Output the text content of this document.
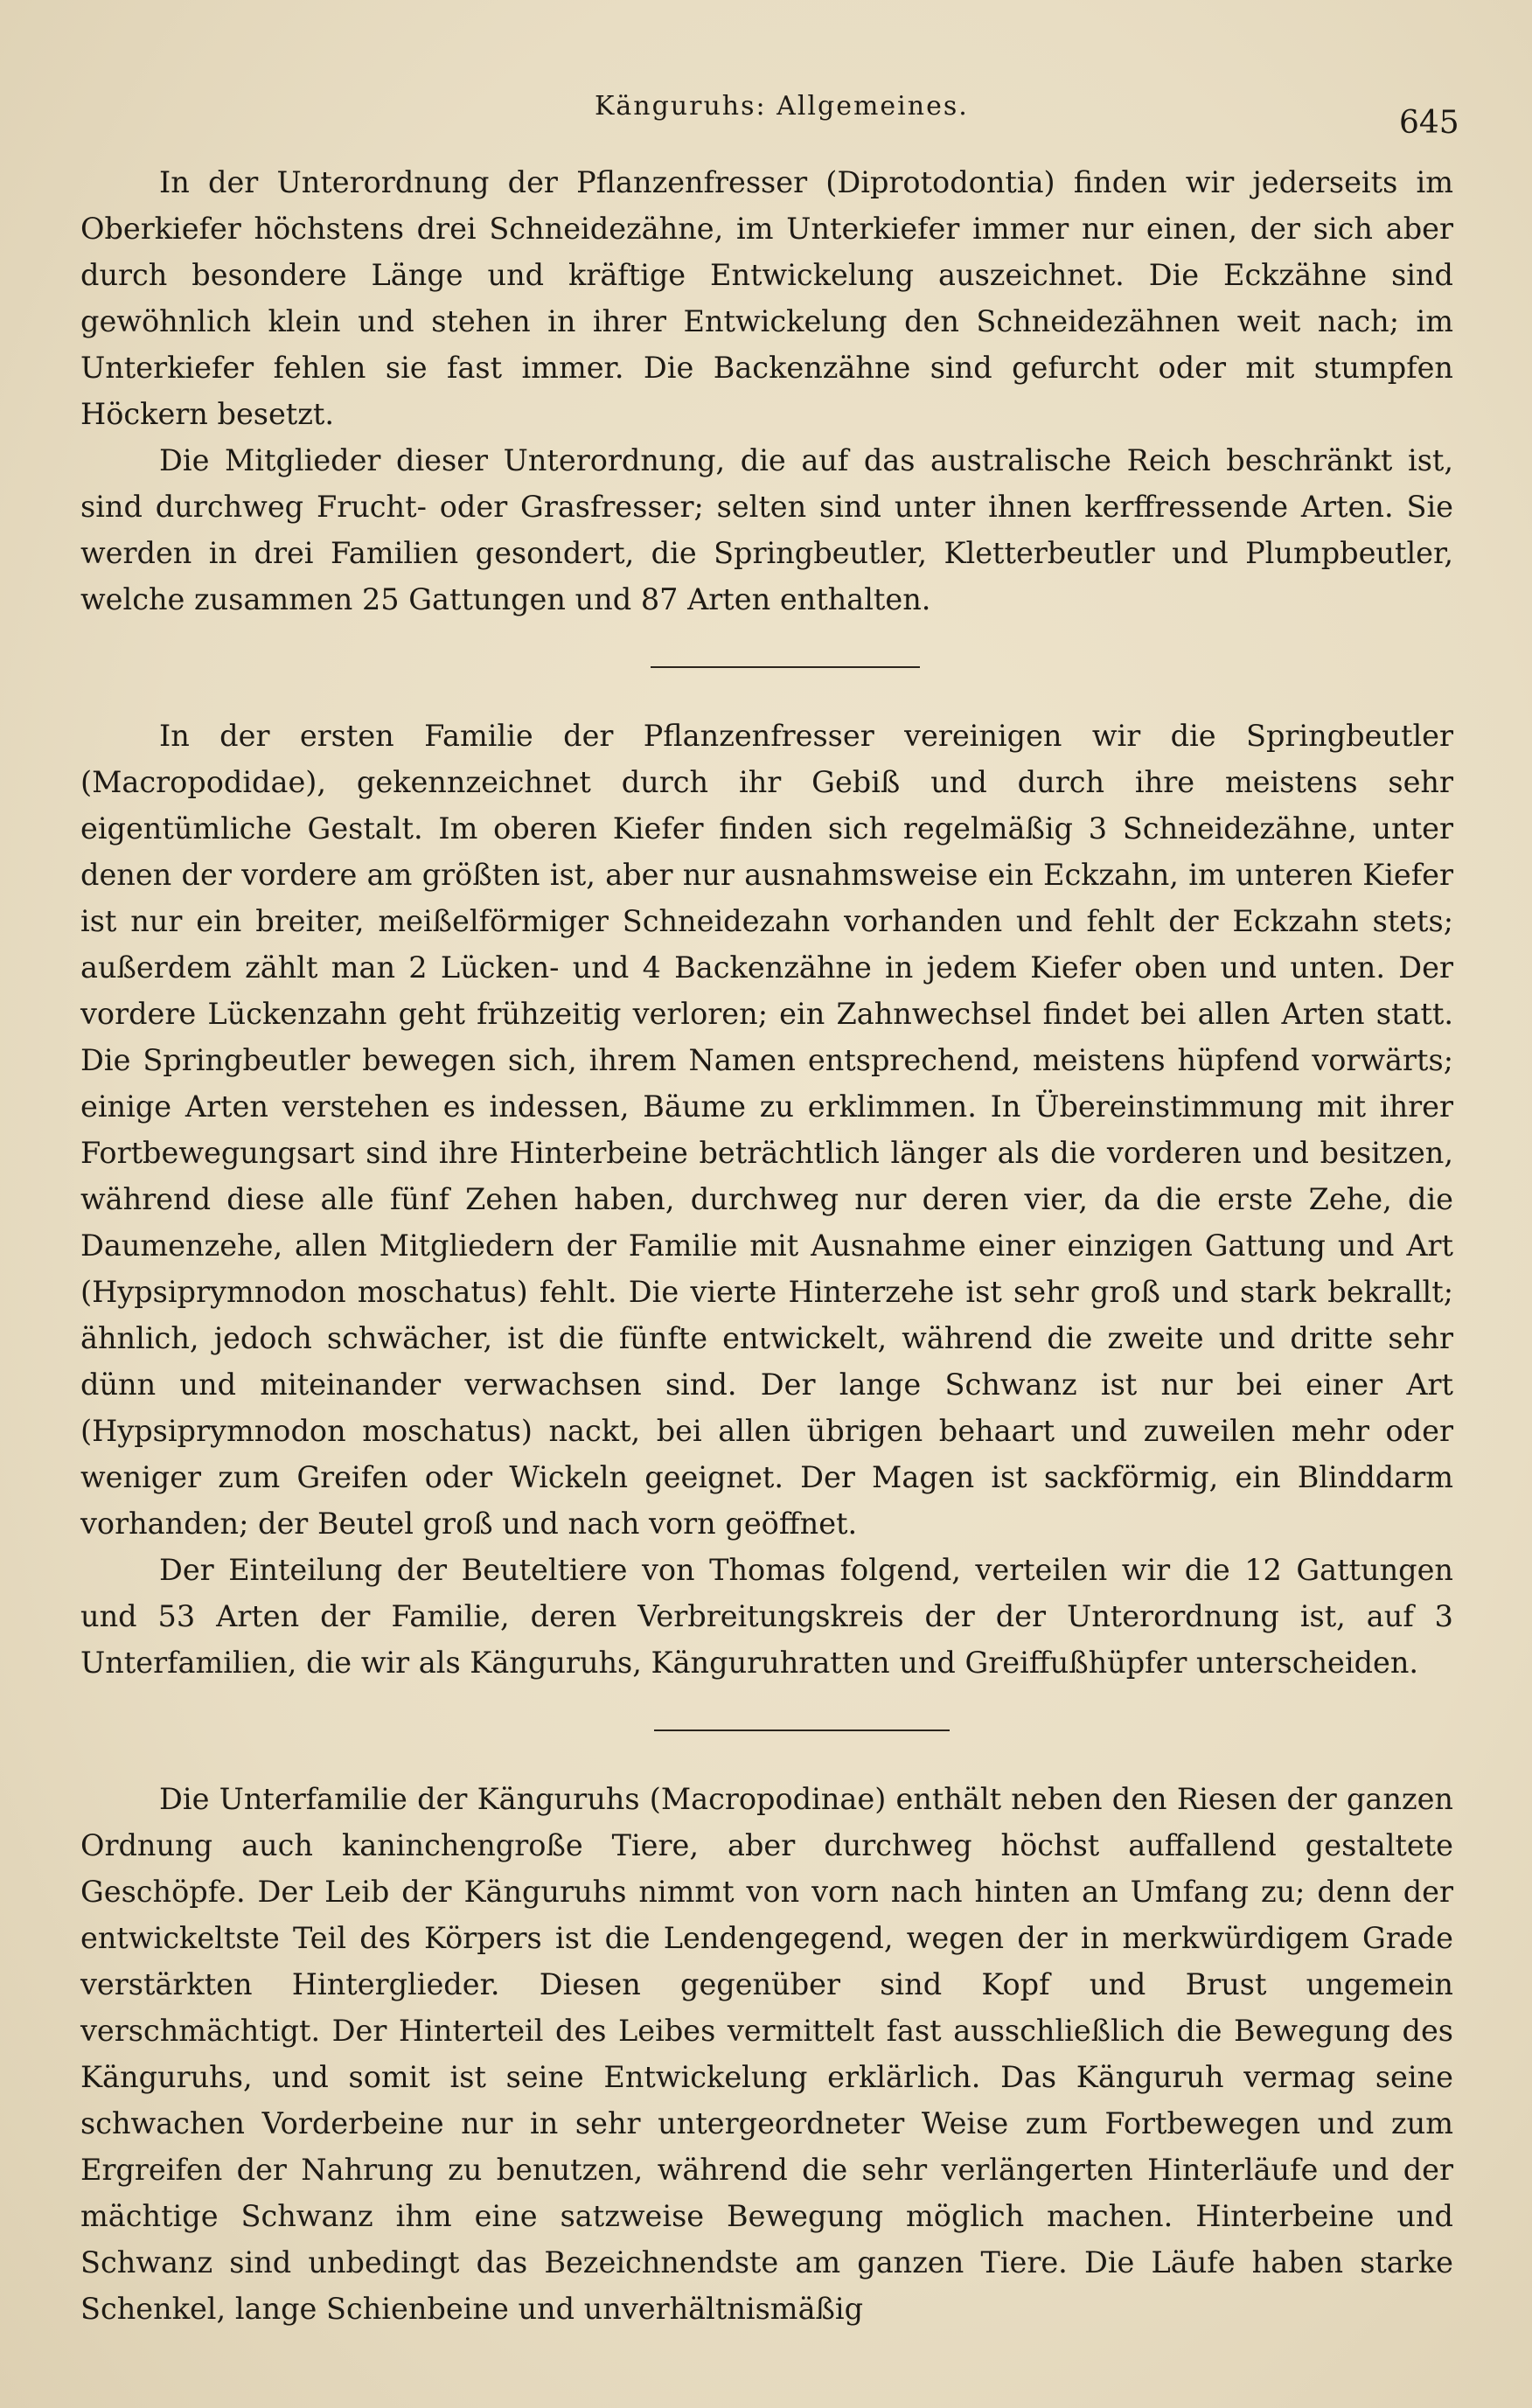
Känguruhs: Allgemeines.	645

In der Unterordnung der Pflanzenfresser (Diprotodontia) finden wir jederseits im Oberkiefer höchstens drei Schneidezähne, im Unterkiefer immer nur einen, der sich aber durch besondere Länge und kräftige Entwickelung auszeichnet. Die Eckzähne sind gewöhnlich klein und stehen in ihrer Entwickelung den Schneidezähnen weit nach; im Unterkiefer fehlen sie fast immer. Die Backenzähne sind gefurcht oder mit stumpfen Höckern besetzt.

Die Mitglieder dieser Unterordnung, die auf das australische Reich beschränkt ist, sind durchweg Frucht- oder Grasfresser; selten sind unter ihnen kerffressende Arten. Sie werden in drei Familien gesondert, die Springbeutler, Kletterbeutler und Plumpbeutler, welche zusammen 25 Gattungen und 87 Arten enthalten.

In der ersten Familie der Pflanzenfresser vereinigen wir die Springbeutler (Macropodidae), gekennzeichnet durch ihr Gebiß und durch ihre meistens sehr eigentümliche Gestalt. Im oberen Kiefer finden sich regelmäßig 3 Schneidezähne, unter denen der vordere am größten ist, aber nur ausnahmsweise ein Eckzahn, im unteren Kiefer ist nur ein breiter, meißelförmiger Schneidezahn vorhanden und fehlt der Eckzahn stets; außerdem zählt man 2 Lücken- und 4 Backenzähne in jedem Kiefer oben und unten. Der vordere Lückenzahn geht frühzeitig verloren; ein Zahnwechsel findet bei allen Arten statt. Die Springbeutler bewegen sich, ihrem Namen entsprechend, meistens hüpfend vorwärts; einige Arten verstehen es indessen, Bäume zu erklimmen. In Übereinstimmung mit ihrer Fortbewegungsart sind ihre Hinterbeine beträchtlich länger als die vorderen und besitzen, während diese alle fünf Zehen haben, durchweg nur deren vier, da die erste Zehe, die Daumenzehe, allen Mitgliedern der Familie mit Ausnahme einer einzigen Gattung und Art (Hypsiprymnodon moschatus) fehlt. Die vierte Hinterzehe ist sehr groß und stark bekrallt; ähnlich, jedoch schwächer, ist die fünfte entwickelt, während die zweite und dritte sehr dünn und miteinander verwachsen sind. Der lange Schwanz ist nur bei einer Art (Hypsiprymnodon moschatus) nackt, bei allen übrigen behaart und zuweilen mehr oder weniger zum Greifen oder Wickeln geeignet. Der Magen ist sackförmig, ein Blinddarm vorhanden; der Beutel groß und nach vorn geöffnet.

Der Einteilung der Beuteltiere von Thomas folgend, verteilen wir die 12 Gattungen und 53 Arten der Familie, deren Verbreitungskreis der der Unterordnung ist, auf 3 Unterfamilien, die wir als Känguruhs, Känguruhratten und Greiffußhüpfer unterscheiden.

Die Unterfamilie der Känguruhs (Macropodinae) enthält neben den Riesen der ganzen Ordnung auch kaninchengroße Tiere, aber durchweg höchst auffallend gestaltete Geschöpfe. Der Leib der Känguruhs nimmt von vorn nach hinten an Umfang zu; denn der entwickeltste Teil des Körpers ist die Lendengegend, wegen der in merkwürdigem Grade verstärkten Hinterglieder. Diesen gegenüber sind Kopf und Brust ungemein verschmächtigt. Der Hinterteil des Leibes vermittelt fast ausschließlich die Bewegung des Känguruhs, und somit ist seine Entwickelung erklärlich. Das Känguruh vermag seine schwachen Vorderbeine nur in sehr untergeordneter Weise zum Fortbewegen und zum Ergreifen der Nahrung zu benutzen, während die sehr verlängerten Hinterläufe und der mächtige Schwanz ihm eine satzweise Bewegung möglich machen. Hinterbeine und Schwanz sind unbedingt das Bezeichnendste am ganzen Tiere. Die Läufe haben starke Schenkel, lange Schienbeine und unverhältnismäßig
